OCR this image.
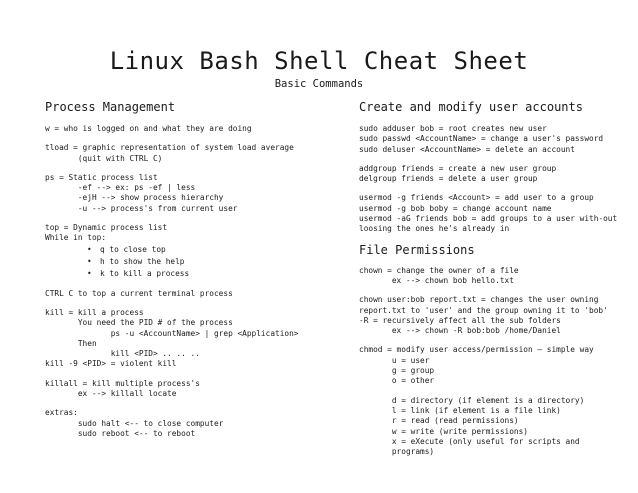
Linux Bash Shell Cheat Sheet
Basic Commands

Process Management

w = who is logged on and what they are doing
tload = graphic representation of system load average
(quit with CTRL C)
ps = Static process list
-ef --> ex: ps -ef | less
-ejH --> show process hierarchy
-u --> process's from current user
top = Dynamic process list
While in top:
• q to close top
• h to show the help
• k to kill a process
CTRL C to top a current terminal process
kill = kill a process
You need the PID # of the process
ps -u <AccountName> | grep <Application>
Then
kill <PID> .. .. ..
kill -9 <PID> = violent kill
killall = kill multiple process's
ex --> killall locate
extras:
sudo halt <-- to close computer
sudo reboot <-- to reboot

Create and modify user accounts

sudo adduser bob = root creates new user
sudo passwd <AccountName> = change a user's password
sudo deluser <AccountName> = delete an account
addgroup friends = create a new user group
delgroup friends = delete a user group
usermod -g friends <Account> = add user to a group
usermod -g bob boby = change account name
usermod -aG friends bob = add groups to a user with-out loosing the ones he's already in

File Permissions

chown = change the owner of a file
ex --> chown bob hello.txt
chown user:bob report.txt = changes the user owning report.txt to 'user' and the group owning it to 'bob'
-R = recursively affect all the sub folders
ex --> chown -R bob:bob /home/Daniel
chmod = modify user access/permission – simple way
u = user
g = group
o = other
d = directory (if element is a directory)
l = link (if element is a file link)
r = read (read permissions)
w = write (write permissions)
x = eXecute (only useful for scripts and
programs)
